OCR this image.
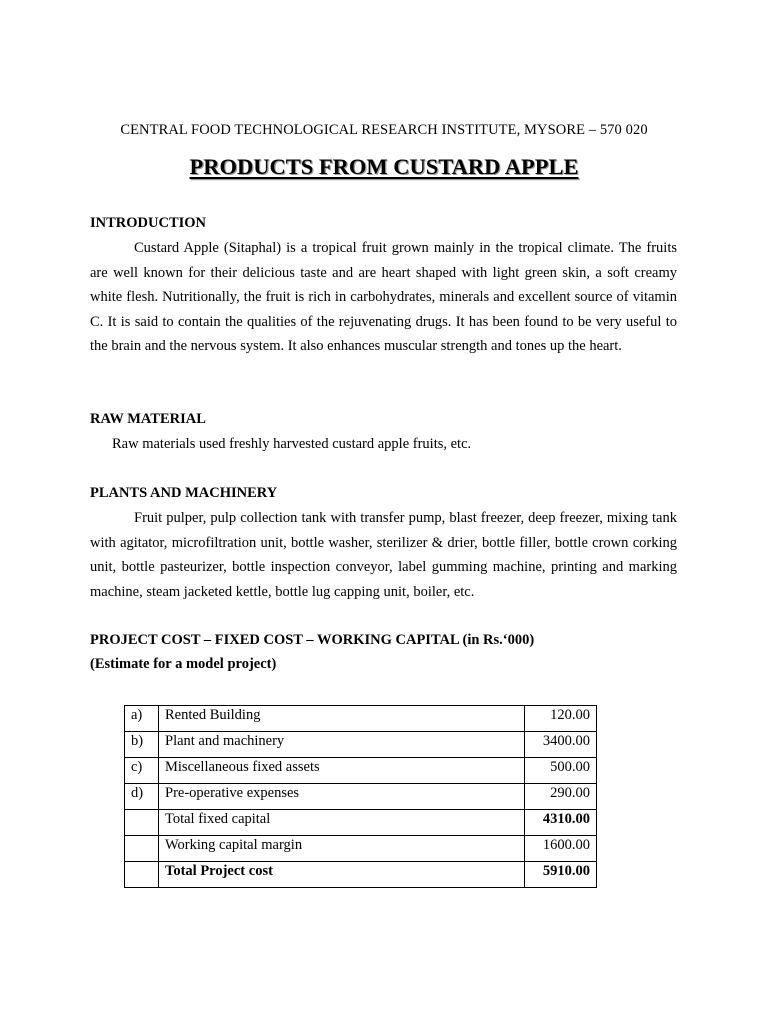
CENTRAL FOOD TECHNOLOGICAL RESEARCH INSTITUTE, MYSORE – 570 020
PRODUCTS FROM CUSTARD APPLE
INTRODUCTION

Custard Apple (Sitaphal) is a tropical fruit grown mainly in the tropical climate. The fruits are well known for their delicious taste and are heart shaped with light green skin, a soft creamy white flesh. Nutritionally, the fruit is rich in carbohydrates, minerals and excellent source of vitamin C. It is said to contain the qualities of the rejuvenating drugs. It has been found to be very useful to the brain and the nervous system. It also enhances muscular strength and tones up the heart.

RAW MATERIAL

Raw materials used freshly harvested custard apple fruits, etc.

PLANTS AND MACHINERY

Fruit pulper, pulp collection tank with transfer pump, blast freezer, deep freezer, mixing tank with agitator, microfiltration unit, bottle washer, sterilizer & drier, bottle filler, bottle crown corking unit, bottle pasteurizer, bottle inspection conveyor, label gumming machine, printing and marking machine, steam jacketed kettle, bottle lug capping unit, boiler, etc.

PROJECT COST – FIXED COST – WORKING CAPITAL (in Rs.‘000)
(Estimate for a model project)
a)	Rented Building	120.00
b)	Plant and machinery	3400.00
c)	Miscellaneous fixed assets	500.00
d)	Pre-operative expenses	290.00
	Total fixed capital	4310.00
	Working capital margin	1600.00
	Total Project cost	5910.00
